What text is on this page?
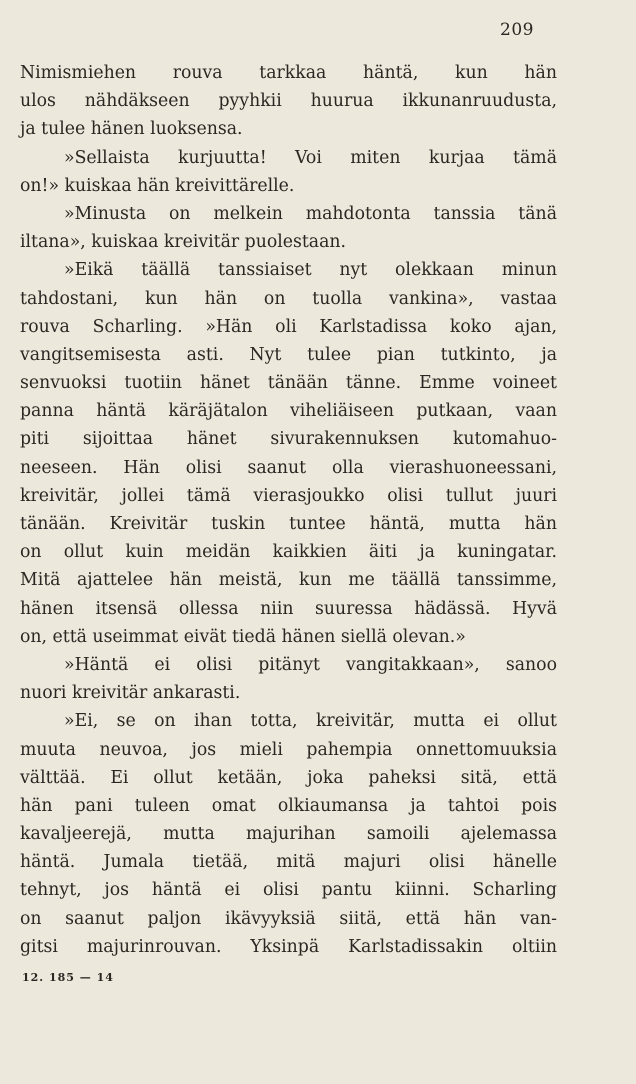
209
Nimismiehen rouva tarkkaa häntä, kun hän
ulos nähdäkseen pyyhkii huurua ikkunanruudusta,
ja tulee hänen luoksensa.
»Sellaista kurjuutta! Voi miten kurjaa tämä
on!» kuiskaa hän kreivittärelle.
»Minusta on melkein mahdotonta tanssia tänä
iltana», kuiskaa kreivitär puolestaan.
»Eikä täällä tanssiaiset nyt olekkaan minun
tahdostani, kun hän on tuolla vankina», vastaa
rouva Scharling. »Hän oli Karlstadissa koko ajan,
vangitsemisesta asti. Nyt tulee pian tutkinto, ja
senvuoksi tuotiin hänet tänään tänne. Emme voineet
panna häntä käräjätalon viheliäiseen putkaan, vaan
piti sijoittaa hänet sivurakennuksen kutomahuo-
neeseen. Hän olisi saanut olla vierashuoneessani,
kreivitär, jollei tämä vierasjoukko olisi tullut juuri
tänään. Kreivitär tuskin tuntee häntä, mutta hän
on ollut kuin meidän kaikkien äiti ja kuningatar.
Mitä ajattelee hän meistä, kun me täällä tanssimme,
hänen itsensä ollessa niin suuressa hädässä. Hyvä
on, että useimmat eivät tiedä hänen siellä olevan.»
»Häntä ei olisi pitänyt vangitakkaan», sanoo
nuori kreivitär ankarasti.
»Ei, se on ihan totta, kreivitär, mutta ei ollut
muuta neuvoa, jos mieli pahempia onnettomuuksia
välttää. Ei ollut ketään, joka paheksi sitä, että
hän pani tuleen omat olkiaumansa ja tahtoi pois
kavaljeerejä, mutta majurihan samoili ajelemassa
häntä. Jumala tietää, mitä majuri olisi hänelle
tehnyt, jos häntä ei olisi pantu kiinni. Scharling
on saanut paljon ikävyyksiä siitä, että hän van-
gitsi majurinrouvan. Yksinpä Karlstadissakin oltiin
12. 185 — 14
